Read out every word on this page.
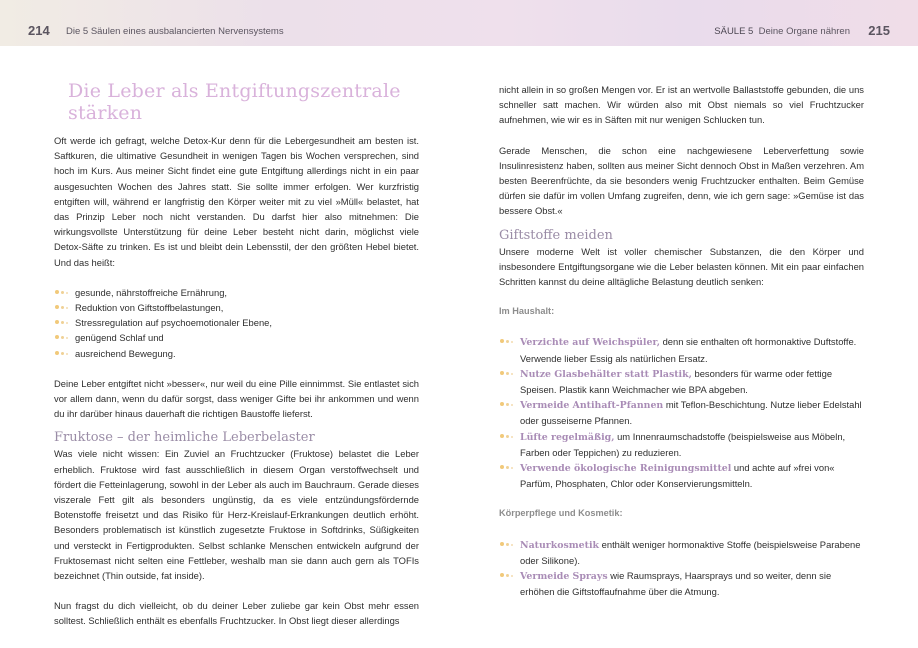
214 Die 5 Säulen eines ausbalancierten Nervensystems	SÄULE 5 Deine Organe nähren 215
Die Leber als Entgiftungszentrale stärken

Oft werde ich gefragt, welche Detox-Kur denn für die Lebergesundheit am besten ist. Saftkuren, die ultimative Gesundheit in wenigen Tagen bis Wochen versprechen, sind hoch im Kurs. Aus meiner Sicht findet eine gute Entgiftung allerdings nicht in ein paar ausgesuchten Wochen des Jahres statt. Sie sollte immer erfolgen. Wer kurzfristig entgiften will, während er langfristig den Körper weiter mit zu viel »Müll« belastet, hat das Prinzip Leber noch nicht verstanden. Du darfst hier also mitnehmen: Die wirkungsvollste Unterstützung für deine Leber besteht nicht darin, möglichst viele Detox-Säfte zu trinken. Es ist und bleibt dein Lebensstil, der den größten Hebel bietet. Und das heißt:

gesunde, nährstoffreiche Ernährung,
Reduktion von Giftstoffbelastungen,
Stressregulation auf psychoemotionaler Ebene,
genügend Schlaf und
ausreichend Bewegung.

Deine Leber entgiftet nicht »besser«, nur weil du eine Pille einnimmst. Sie entlastet sich vor allem dann, wenn du dafür sorgst, dass weniger Gifte bei ihr ankommen und wenn du ihr darüber hinaus dauerhaft die richtigen Baustoffe lieferst.

Fruktose – der heimliche Leberbelaster

Was viele nicht wissen: Ein Zuviel an Fruchtzucker (Fruktose) belastet die Leber erheblich. Fruktose wird fast ausschließlich in diesem Organ verstoffwechselt und fördert die Fetteinlagerung, sowohl in der Leber als auch im Bauchraum. Gerade dieses viszerale Fett gilt als besonders ungünstig, da es viele entzündungsfördernde Botenstoffe freisetzt und das Risiko für Herz-Kreislauf-Erkrankungen deutlich erhöht. Besonders problematisch ist künstlich zugesetzte Fruktose in Softdrinks, Süßigkeiten und versteckt in Fertigprodukten. Selbst schlanke Menschen entwickeln aufgrund der Fruktosemast nicht selten eine Fettleber, weshalb man sie dann auch gern als TOFIs bezeichnet (Thin outside, fat inside).

Nun fragst du dich vielleicht, ob du deiner Leber zuliebe gar kein Obst mehr essen solltest. Schließlich enthält es ebenfalls Fruchtzucker. In Obst liegt dieser allerdings

nicht allein in so großen Mengen vor. Er ist an wertvolle Ballaststoffe gebunden, die uns schneller satt machen. Wir würden also mit Obst niemals so viel Fruchtzucker aufnehmen, wie wir es in Säften mit nur wenigen Schlucken tun.

Gerade Menschen, die schon eine nachgewiesene Leberverfettung sowie Insulinresistenz haben, sollten aus meiner Sicht dennoch Obst in Maßen verzehren. Am besten Beerenfrüchte, da sie besonders wenig Fruchtzucker enthalten. Beim Gemüse dürfen sie dafür im vollen Umfang zugreifen, denn, wie ich gern sage: »Gemüse ist das bessere Obst.«

Giftstoffe meiden

Unsere moderne Welt ist voller chemischer Substanzen, die den Körper und insbesondere Entgiftungsorgane wie die Leber belasten können. Mit ein paar einfachen Schritten kannst du deine alltägliche Belastung deutlich senken:

Im Haushalt:

Verzichte auf Weichspüler, denn sie enthalten oft hormonaktive Duftstoffe. Verwende lieber Essig als natürlichen Ersatz.
Nutze Glasbehälter statt Plastik, besonders für warme oder fettige Speisen. Plastik kann Weichmacher wie BPA abgeben.
Vermeide Antihaft-Pfannen mit Teflon-Beschichtung. Nutze lieber Edelstahl oder gusseiserne Pfannen.
Lüfte regelmäßig, um Innenraumschadstoffe (beispielsweise aus Möbeln, Farben oder Teppichen) zu reduzieren.
Verwende ökologische Reinigungsmittel und achte auf »frei von« Parfüm, Phosphaten, Chlor oder Konservierungsmitteln.

Körperpflege und Kosmetik:

Naturkosmetik enthält weniger hormonaktive Stoffe (beispielsweise Parabene oder Silikone).
Vermeide Sprays wie Raumsprays, Haarsprays und so weiter, denn sie erhöhen die Giftstoffaufnahme über die Atmung.
